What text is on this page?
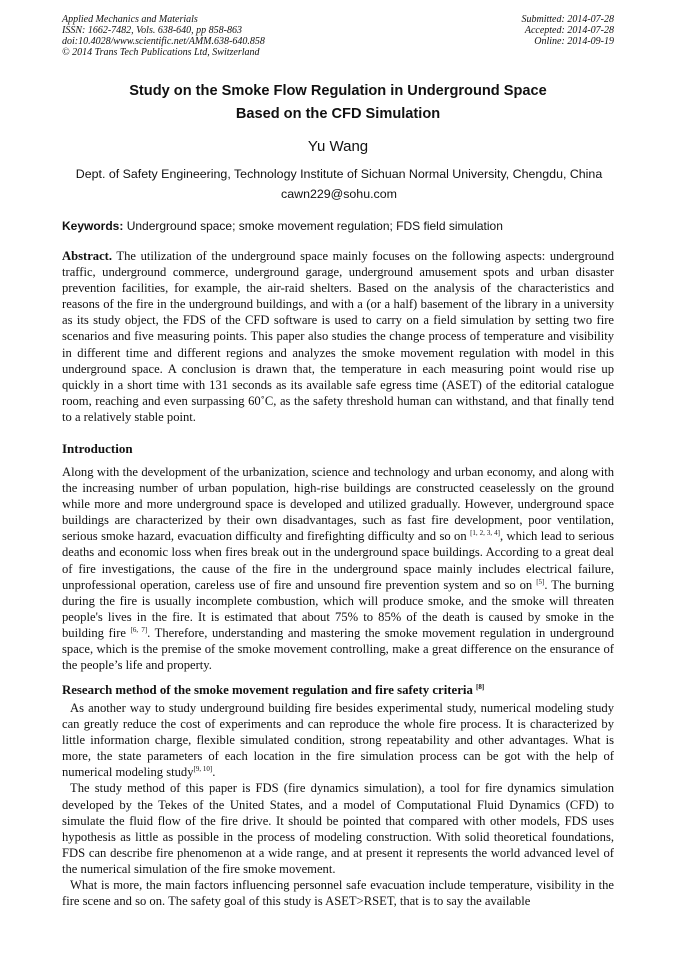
Applied Mechanics and Materials
ISSN: 1662-7482, Vols. 638-640, pp 858-863
doi:10.4028/www.scientific.net/AMM.638-640.858
© 2014 Trans Tech Publications Ltd, Switzerland
Submitted: 2014-07-28
Accepted: 2014-07-28
Online: 2014-09-19
Study on the Smoke Flow Regulation in Underground Space
Based on the CFD Simulation
Yu Wang
Dept. of Safety Engineering, Technology Institute of Sichuan Normal University, Chengdu, China
cawn229@sohu.com
Keywords: Underground space; smoke movement regulation; FDS field simulation
Abstract. The utilization of the underground space mainly focuses on the following aspects: underground traffic, underground commerce, underground garage, underground amusement spots and urban disaster prevention facilities, for example, the air-raid shelters. Based on the analysis of the characteristics and reasons of the fire in the underground buildings, and with a (or a half) basement of the library in a university as its study object, the FDS of the CFD software is used to carry on a field simulation by setting two fire scenarios and five measuring points. This paper also studies the change process of temperature and visibility in different time and different regions and analyzes the smoke movement regulation with model in this underground space. A conclusion is drawn that, the temperature in each measuring point would rise up quickly in a short time with 131 seconds as its available safe egress time (ASET) of the editorial catalogue room, reaching and even surpassing 60˚C, as the safety threshold human can withstand, and that finally tend to a relatively stable point.
Introduction
Along with the development of the urbanization, science and technology and urban economy, and along with the increasing number of urban population, high-rise buildings are constructed ceaselessly on the ground while more and more underground space is developed and utilized gradually. However, underground space buildings are characterized by their own disadvantages, such as fast fire development, poor ventilation, serious smoke hazard, evacuation difficulty and firefighting difficulty and so on [1, 2, 3, 4], which lead to serious deaths and economic loss when fires break out in the underground space buildings. According to a great deal of fire investigations, the cause of the fire in the underground space mainly includes electrical failure, unprofessional operation, careless use of fire and unsound fire prevention system and so on [5]. The burning during the fire is usually incomplete combustion, which will produce smoke, and the smoke will threaten people's lives in the fire. It is estimated that about 75% to 85% of the death is caused by smoke in the building fire [6, 7]. Therefore, understanding and mastering the smoke movement regulation in underground space, which is the premise of the smoke movement controlling, make a great difference on the ensurance of the people’s life and property.
Research method of the smoke movement regulation and fire safety criteria [8]

As another way to study underground building fire besides experimental study, numerical modeling study can greatly reduce the cost of experiments and can reproduce the whole fire process. It is characterized by little information charge, flexible simulated condition, strong repeatability and other advantages. What is more, the state parameters of each location in the fire simulation process can be got with the help of numerical modeling study[9, 10].

The study method of this paper is FDS (fire dynamics simulation), a tool for fire dynamics simulation developed by the Tekes of the United States, and a model of Computational Fluid Dynamics (CFD) to simulate the fluid flow of the fire drive. It should be pointed that compared with other models, FDS uses hypothesis as little as possible in the process of modeling construction. With solid theoretical foundations, FDS can describe fire phenomenon at a wide range, and at present it represents the world advanced level of the numerical simulation of the fire smoke movement.

What is more, the main factors influencing personnel safe evacuation include temperature, visibility in the fire scene and so on. The safety goal of this study is ASET>RSET, that is to say the available
